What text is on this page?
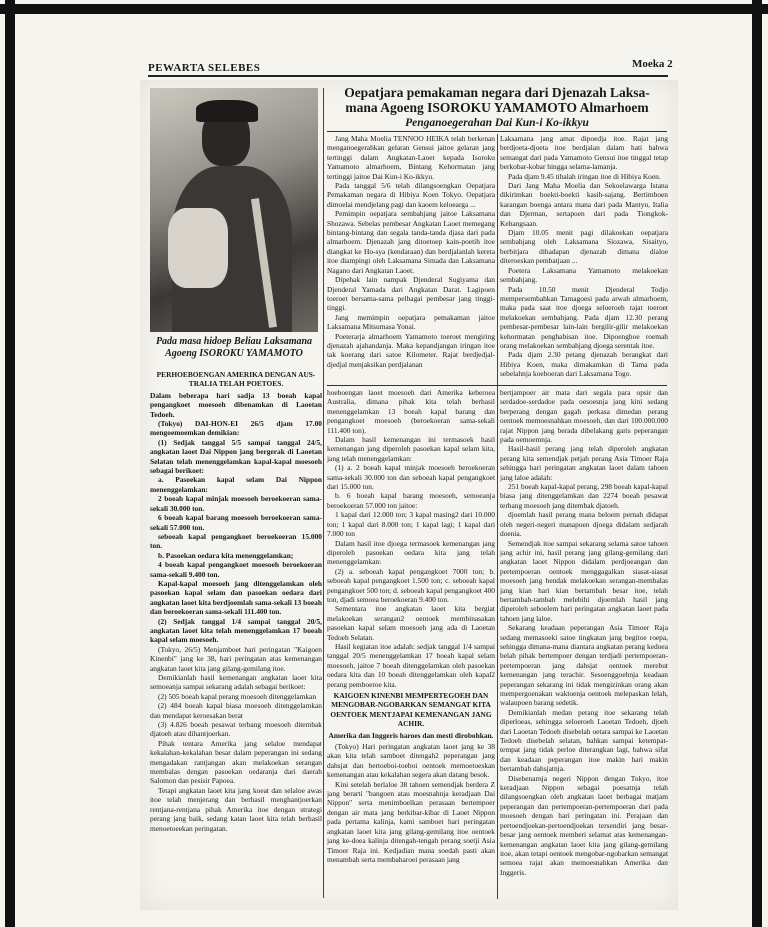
PEWARTA SELEBES	Moeka 2
Pada masa hidoep Beliau Laksamana
Agoeng ISOROKU YAMAMOTO
Oepatjara pemakaman negara dari Djenazah Laksa-
mana Agoeng ISOROKU YAMAMOTO Almarhoem
Penganoegerahan Dai Kun-i Ko-ikkyu

PERHOEBOENGAN AMERIKA DENGAN AUS-TRALIA TELAH POETOES.

Dalam beberapa hari sadja 13 boeah kapal pengangkoet moesoeh dibenamkan di Laoetan Tedoeh.

(Tokyo) DAI-HON-EI 26/5 djam 17.00 mengoemoemkan demikian:

(1) Sedjak tanggal 5/5 sampai tanggal 24/5, angkatan laoet Dai Nippon jang bergerak di Laoetan Selatan telah menenggelamkan kapal-kapal moesoeh sebagai berikoet:

a. Pasoekan kapal selam Dai Nippon menenggelamkan:

2 boeah kapal minjak moesoeh beroekoeran sama-sekali 30.000 ton.

6 boeah kapal barang moesoeh beroekoeran sama-sekali 57.000 ton.

seboeah kapal pengangkoet beroekoeran 15.000 ton.

b. Pasoekan oedara kita menenggelamkan;

4 boeah kapal pengangkoet moesoeh beroekoeran sama-sekali 9.400 ton.

Kapal-kapal moesoeh jang ditenggelamkan oleh pasoekan kapal selam dan pasoekan oedara dari angkatan laoet kita berdjoemlah sama-sekali 13 boeah dan beroekoeran sama-sekali 111.400 ton.

(2) Sedjak tanggal 1/4 sampai tanggal 20/5, angkatan laoet kita telah menenggelamkan 17 boeah kapal selam moesoeh.

(Tokyo, 26/5) Menjamboet hari peringatan "Kaigoen Kinenbi" jang ke 38, hari peringatan atas kemenangan angkatan laoet kita jang gilang-gemilang itoe.

Demikianlah hasil kemenangan angkatan laoet kita semoeanja sampai sekarang adalah sebagai berikoet:

(2) 505 boeah kapal perang moesoeh ditenggelamkan

(2) 484 boeah kapal biasa moesoeh ditenggelamkan dan mendapat keroesakan berat

(3) 4.826 boeah pesawat terbang moesoeh ditembak djatoeh atau dihantjoerkan.

Pihak tentara Amerika jang selaloe mendapat kekalahan-kekalahan besar dalam peperangan ini sedang mengadakan rantjangan akan melakoekan serangan membalas dengan pasoekan oedaranja dari daerah Salomon dan pesisir Papoea.

Tetapi angkatan laoet kita jang koeat dan selaloe awas itoe telah menjerang dan berhasil menghantjoerkan rentjana-rentjana pihak Amerika itoe dengan strategi perang jang baik, sedang katan laoet kita telah berhasil menoetoeekan peringatan.

Jang Maha Moelia TENNOO HEIKA telah berkenan menganoegerahkan gelaran Gensui jaitoe gelaran jang tertinggi dalam Angkatan-Laoet kepada Isoroku Yamamoto almarhoem, Bintang Kehormatan jang tertinggi jaitoe Dai Kun-i Ko-ikkyu.

Pada tanggal 5/6 telah dilangsoengkan Oepatjara Pemakaman negara di Hibiya Koen Tokyo. Oepatjara dimoelai mendjelang pagi dan kaoem keloearga ...

Pemimpin oepatjara sembahjang jaitoe Laksamana Shozawa. Sebelas pembesar Angkatan Laoet memegang bintang-bintang dan segala tanda-tanda djasa dari pada almarhoem. Djenazah jang ditoetoep kain-poetih itoe diangkat ke Ho-sya (kendaraan) dan berdjalanlah kereta itoe diampingi oleh Laksamana Simada dan Laksamana Nagano dari Angkatan Laoet.

Dipehak lain nampak Djenderal Sugiyama dan Djenderal Yamada dari Angkatan Darat. Lagipoen toeroet bersama-sama pelbagai pembesar jang tinggi-tinggi.

Jang memimpin oepatjara pemakaman jaitoe Laksamana Mitsumasa Yonai.

Poeterarja almarhoem Yamamoto toeroet mengiring djenazah ajahandanja. Maka kepandjangan iringan itoe tak koerang dari satoe Kilometer. Rajat berdjedjal-djedjal menjaksikan perdjalanan

Laksamana jang amat dipoedja itoe. Rajat jang berdjoeta-djoeta itoe berdjalan dalam hati bahwa semangat dari pada Yamamoto Gensui itoe tinggal tetap berkobar-kobar hingga selama-lamanja.

Pada djam 9.45 tibalah iringan itoe di Hibiya Koen.

Dari Jang Maha Moelia dan Sekoelawarga Istana dikirimkan boekti-boekti kasih-sajang. Bertimboen karangan boenga antara mana dari pada Mantyu, Italia dan Djerman, sertapoen dari pada Tiongkok-Kebangsaan.

Djam 10.05 menit pagi dilakoekan oepatjara sembahjang oleh Laksamana Siozawa, Sisaityo, berbitjara dihadapan djenazah dimana dialoe diteroeskan pembatjaan ...

Poetera Laksamana Yamamoto melakoekan sembahjang.

Pada 10.50 menit Djenderal Todjo mempersembahkan Tamagoesi pada arwah almarhoem, maka pada saat itoe djoega seloeroeh rajat toeroet melakoekan sembahjang. Pada djam 12.30 perang pembesar-pembesar lain-lain bergilir-gilir melakoekan kehormatan penghabisan itoe. Dipoenghoe roemah orang melakoekan sembahjang djoega serentak itoe.

Pada djam 2.30 petang djenazah berangkat dari Hibiya Koen, maka dimakamkan di Tama pada sebelahnja koeboeran dari Laksamana Togo.

hoeboengan laoet moesoeh dari Amerika keberoea Australia, dimana pihak kita telah berhasil menenggelamkan 13 boeah kapal barang dan pengangkoet moesoeh (beroekoeran sama-sekali 111.400 ton).

Dalam hasil kemenangan ini termasoek hasil kemenangan jang diperoleh pasoekan kapal selam kita, jang telah menenggelamkan:

(1) a. 2 boeah kapal minjak moesoeh beroekoeran sama-sekali 30.000 ton dan seboeah kapal pengangkoet dari 15.000 ton.

b. 6 boeah kapal barang moesoeh, semoeanja beroekoeran 57.000 ton jaitoe:

1 kapal dari 12.000 ton; 3 kapal masing2 dari 10.000 ton; 1 kapal dari 8.000 ton; 1 kapal lagi; 1 kapal dari 7.000 ton

Dalam hasil itoe djoega termasoek kemenangan jang diperoleh pasoekan oedara kita jang telah menenggelamkan:

(2) a. seboeah kapal pengangkoet 7000 ton; b. seboeah kapal pengangkoet 1.500 ton; c. seboeah kapal pengangkoet 500 ton; d. seboeah kapal pengangkoet 400 ton, djadi semoea beroekoeran 9.400 ton.

Sementara itoe angkatan laoet kita bergiat melakoekan serangan2 oentoek membinasakan pasoekan kapal selam moesoeh jang ada di Laoetan Tedoeh Selatan.

Hasil kegiatan itoe adalah: sedjak tanggal 1/4 sampai tanggal 20/5 menenggelamkan 17 boeah kapal selam moesoeh, jaitoe 7 boeah ditenggelamkan oleh pasoekan oedara kita dan 10 boeah ditenggelamkan oleh kapal2 perang pemboeroe kita.

KAIGOEN KINENBI MEMPERTEGOEH DAN MENGOBAR-NGOBARKAN SEMANGAT KITA OENTOEK MENTJAPAI KEMENANGAN JANG ACHIR.

Amerika dan Inggeris haroes dan mesti dirobohkan.

(Tokyo) Hari peringatan angkatan laoet jang ke 38 akan kita telah samboet ditengah2 peperangan jang dahsjat dan bertoeboi-toeboi oentoek memoetoeskan kemenangan atau kekalahan segera akan datang besok.

Kini setelah berlaloe 38 tahoen semendjak berdera Z jang berarti "bangoen atau moesnahnja keradjaan Dai Nippon" serta menimboelkan perasaan bertempoer dengan air mata jang berkibar-kibar di Laoet Nippon pada pertama kalinja, kami samboet hari peringatan angkatan laoet kita jang gilang-gemilang itoe oentoek jang ke-doea kalinja ditengah-tengah perang soetji Asia Timoer Raja ini. Kedjadian mana soedah pasti akan menambah serta membaharoei perasaan jang

bertjampoer air mata dari segala para opsir dan serdadoe-serdadoe pada oesoesnja jang kini sedang berperang dengan gagah perkasa dimedan perang oentoek memoesnahkan moesoeh, dan dari 100.000.000 rajat Nippon jang berada dibelakang garis peperangan pada oemoemnja.

Hasil-hasil perang jang telah diperoleh angkatan perang kita semendjak petjah perang Asia Timoer Raja sehingga hari peringatan angkatan laoet dalam tahoen jang laloe adalah:

251 boeah kapal-kapal perang, 298 boeah kapal-kapal biasa jang ditenggelamkan dan 2274 boeah pesawat terbang moesoeh jang ditembak djatoeh.

djoemlah hasil perang mana beloem pernah didapat oleh negeri-negeri manapoen djoega didalam sedjarah doenia.

Semendjak itoe sampai sekarang selama satoe tahoen jang achir ini, hasil perang jang gilang-gemilang dari angkatan laoet Nippon didalam perdjoeangan dan pertempoeran oentoek menggagalkan siasat-siasat moesoeh jang hendak melakoekan serangan-membalas jang kian hari kian bertambah besar itoe, telah bertambah-tambah melebihi djoemlah hasil jang diperoleh seboelem hari peringatan angkatan laoet pada tahoen jang laloe.

Sekarang keadaan peperangan Asia Timoer Raja sedang memasoeki satoe tingkatan jang begitoe roepa, sehingga dimana-mana diantara angkatan perang kedoea belah pihak bertempoer dengan terdjadi pertempoeran-pertempoeran jang dahsjat oentoek merebut kemenangan jang terachir. Sesoenggoehnja keadaan peperangan sekarang ini tidak mengizinkan orang akan mempergoenakan waktoenja oentoek melepaskan lelah, walaupoen barang sedetik.

Demikianlah medan perang itoe sekarang telah diperloeas, sehingga seloeroeh Laoetan Tedoeh, djoeh dari Laoetan Tedoeh disebelah oetara sampai ke Laoetan Tedoeh disebelah selatan, bahkan sampai ketempat-tempat jang tidak perloe diterangkan lagi, bahwa sifat dan keadaan peperangan itoe makin hari makin bertambah dahsjatnja.

Disebenarnja negeri Nippon dengan Tokyo, itoe keradjaan Nippon sebagai poesatnja telah dilangsoengkan oleh angkatan laoet berbagai matjam peperangan dan pertempoeran-pertempoeran dari pada moesoeh dengan hari peringatan ini. Perajaan dan pertoendjoekan-pertoendjoekan tersendiri jang besar-besar jang oentoek memberi selamat atas kemenangan-kemenangan angkatan laoet kita jang gilang-gemilang itoe, akan tetapi oentoek mengobar-ngobarkan semangat semoea rajat akan memoesnahkan Amerika dan Inggeris.
